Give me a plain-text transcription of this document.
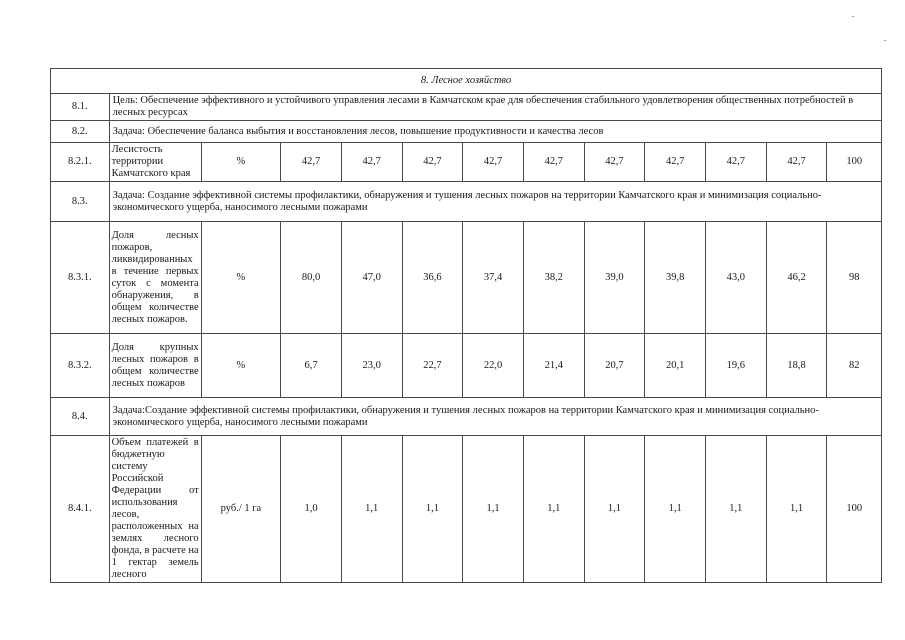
8. Лесное хозяйство												
8.1.	Цель: Обеспечение эффективного и устойчивого управления лесами в Камчатском крае для обеспечения стабильного удовлетворения общественных потребностей в лесных ресурсах											
8.2.	Задача: Обеспечение баланса выбытия и восстановления лесов, повышение продуктивности и качества лесов											
8.2.1.	Лесистость территории Камчатского края	%	42,7	42,7	42,7	42,7	42,7	42,7	42,7	42,7	42,7	100
8.3.	Задача: Создание эффективной системы профилактики, обнаружения и тушения лесных пожаров на территории Камчатского края и минимизация социально-экономического ущерба, наносимого лесными пожарами											
8.3.1.	Доля лесных пожаров, ликвидированных в течение первых суток с момента обнаружения, в общем количестве лесных пожаров.	%	80,0	47,0	36,6	37,4	38,2	39,0	39,8	43,0	46,2	98
8.3.2.	Доля крупных лесных пожаров в общем количестве лесных пожаров	%	6,7	23,0	22,7	22,0	21,4	20,7	20,1	19,6	18,8	82
8.4.	Задача:Создание эффективной системы профилактики, обнаружения и тушения лесных пожаров на территории Камчатского края и минимизация социально-экономического ущерба, наносимого лесными пожарами											
8.4.1.	Объем платежей в бюджетную систему Российской Федерации от использования лесов, расположенных на землях лесного фонда, в расчете на 1 гектар земель лесного	руб./ 1 га	1,0	1,1	1,1	1,1	1,1	1,1	1,1	1,1	1,1	100
